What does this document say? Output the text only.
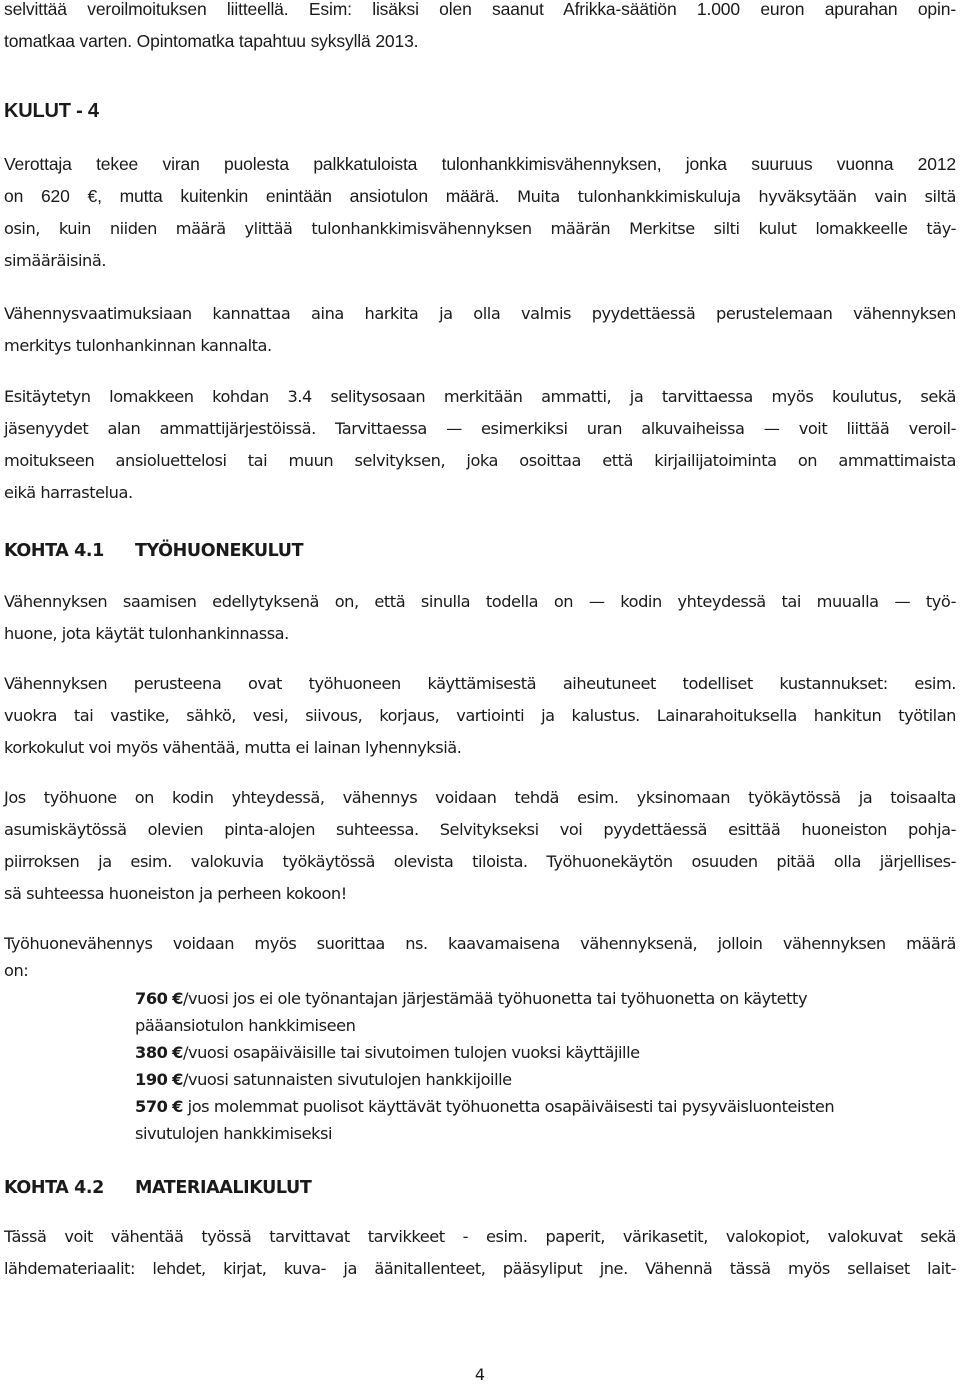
selvittää veroilmoituksen liitteellä. Esim: lisäksi olen saanut Afrikka-säätiön 1.000 euron apurahan opin-
tomatkaa varten. Opintomatka tapahtuu syksyllä 2013.
KULUT - 4
Verottaja tekee viran puolesta palkkatuloista tulonhankkimisvähennyksen, jonka suuruus vuonna 2012
on 620 €, mutta kuitenkin enintään ansiotulon määrä. Muita tulonhankkimiskuluja hyväksytään vain siltä
osin, kuin niiden määrä ylittää tulonhankkimisvähennyksen määrän Merkitse silti kulut lomakkeelle täy-
simääräisinä.
Vähennysvaatimuksiaan kannattaa aina harkita ja olla valmis pyydettäessä perustelemaan vähennyksen
merkitys tulonhankinnan kannalta.
Esitäytetyn lomakkeen kohdan 3.4 selitysosaan merkitään ammatti, ja tarvittaessa myös koulutus, sekä
jäsenyydet alan ammattijärjestöissä. Tarvittaessa — esimerkiksi uran alkuvaiheissa — voit liittää veroil-
moitukseen ansioluettelosi tai muun selvityksen, joka osoittaa että kirjailijatoiminta on ammattimaista
eikä harrastelua.
KOHTA 4.1 TYÖHUONEKULUT
Vähennyksen saamisen edellytyksenä on, että sinulla todella on — kodin yhteydessä tai muualla — työ-
huone, jota käytät tulonhankinnassa.
Vähennyksen perusteena ovat työhuoneen käyttämisestä aiheutuneet todelliset kustannukset: esim.
vuokra tai vastike, sähkö, vesi, siivous, korjaus, vartiointi ja kalustus. Lainarahoituksella hankitun työtilan
korkokulut voi myös vähentää, mutta ei lainan lyhennyksiä.
Jos työhuone on kodin yhteydessä, vähennys voidaan tehdä esim. yksinomaan työkäytössä ja toisaalta
asumiskäytössä olevien pinta-alojen suhteessa. Selvitykseksi voi pyydettäessä esittää huoneiston pohja-
piirroksen ja esim. valokuvia työkäytössä olevista tiloista. Työhuonekäytön osuuden pitää olla järjellises-
sä suhteessa huoneiston ja perheen kokoon!
Työhuonevähennys voidaan myös suorittaa ns. kaavamaisena vähennyksenä, jolloin vähennyksen määrä
on:
760 €/vuosi jos ei ole työnantajan järjestämää työhuonetta tai työhuonetta on käytetty
pääansiotulon hankkimiseen
380 €/vuosi osapäiväisille tai sivutoimen tulojen vuoksi käyttäjille
190 €/vuosi satunnaisten sivutulojen hankkijoille
570 € jos molemmat puolisot käyttävät työhuonetta osapäiväisesti tai pysyväisluonteisten
sivutulojen hankkimiseksi
KOHTA 4.2 MATERIAALIKULUT
Tässä voit vähentää työssä tarvittavat tarvikkeet - esim. paperit, värikasetit, valokopiot, valokuvat sekä
lähdemateriaalit: lehdet, kirjat, kuva- ja äänitallenteet, pääsyliput jne. Vähennä tässä myös sellaiset lait-
4
